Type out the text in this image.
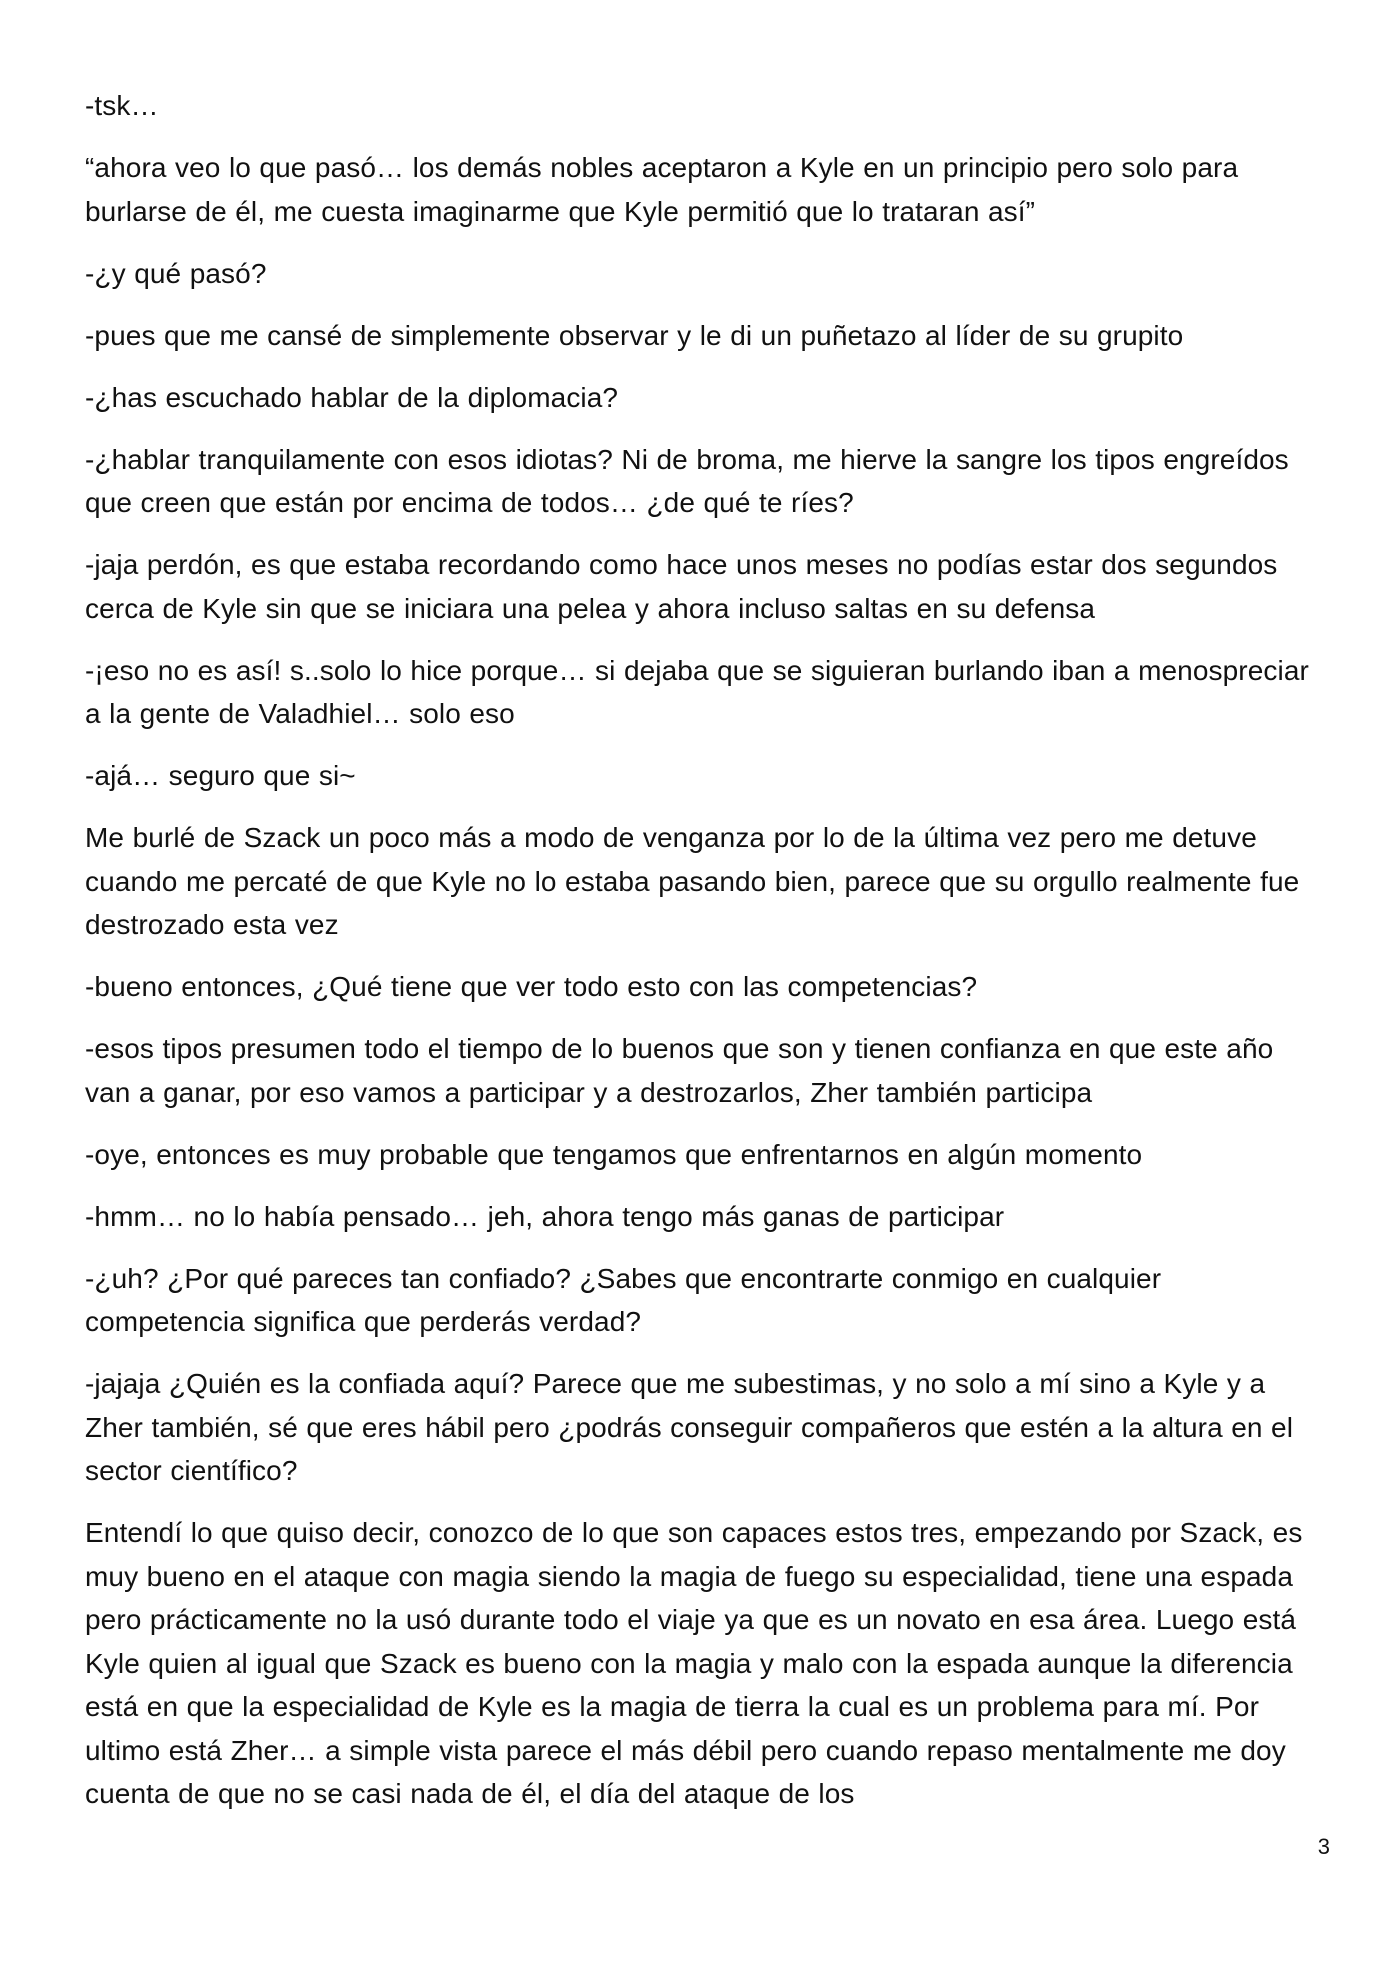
-tsk…

“ahora veo lo que pasó… los demás nobles aceptaron a Kyle en un principio pero solo para burlarse de él, me cuesta imaginarme que Kyle permitió que lo trataran así”

-¿y qué pasó?

-pues que me cansé de simplemente observar y le di un puñetazo al líder de su grupito

-¿has escuchado hablar de la diplomacia?

-¿hablar tranquilamente con esos idiotas? Ni de broma, me hierve la sangre los tipos engreídos que creen que están por encima de todos… ¿de qué te ríes?

-jaja perdón, es que estaba recordando como hace unos meses no podías estar dos segundos cerca de Kyle sin que se iniciara una pelea y ahora incluso saltas en su defensa

-¡eso no es así! s..solo lo hice porque… si dejaba que se siguieran burlando iban a menospreciar a la gente de Valadhiel… solo eso

-ajá… seguro que si~

Me burlé de Szack un poco más a modo de venganza por lo de la última vez pero me detuve cuando me percaté de que Kyle no lo estaba pasando bien, parece que su orgullo realmente fue destrozado esta vez

-bueno entonces, ¿Qué tiene que ver todo esto con las competencias?

-esos tipos presumen todo el tiempo de lo buenos que son y tienen confianza en que este año van a ganar, por eso vamos a participar y a destrozarlos, Zher también participa

-oye, entonces es muy probable que tengamos que enfrentarnos en algún momento

-hmm… no lo había pensado… jeh, ahora tengo más ganas de participar

-¿uh? ¿Por qué pareces tan confiado? ¿Sabes que encontrarte conmigo en cualquier competencia significa que perderás verdad?

-jajaja ¿Quién es la confiada aquí? Parece que me subestimas, y no solo a mí sino a Kyle y a Zher también, sé que eres hábil pero ¿podrás conseguir compañeros que estén a la altura en el sector científico?

Entendí lo que quiso decir, conozco de lo que son capaces estos tres, empezando por Szack, es muy bueno en el ataque con magia siendo la magia de fuego su especialidad, tiene una espada pero prácticamente no la usó durante todo el viaje ya que es un novato en esa área. Luego está Kyle quien al igual que Szack es bueno con la magia y malo con la espada aunque la diferencia está en que la especialidad de Kyle es la magia de tierra la cual es un problema para mí. Por ultimo está Zher… a simple vista parece el más débil pero cuando repaso mentalmente me doy cuenta de que no se casi nada de él, el día del ataque de los

3
